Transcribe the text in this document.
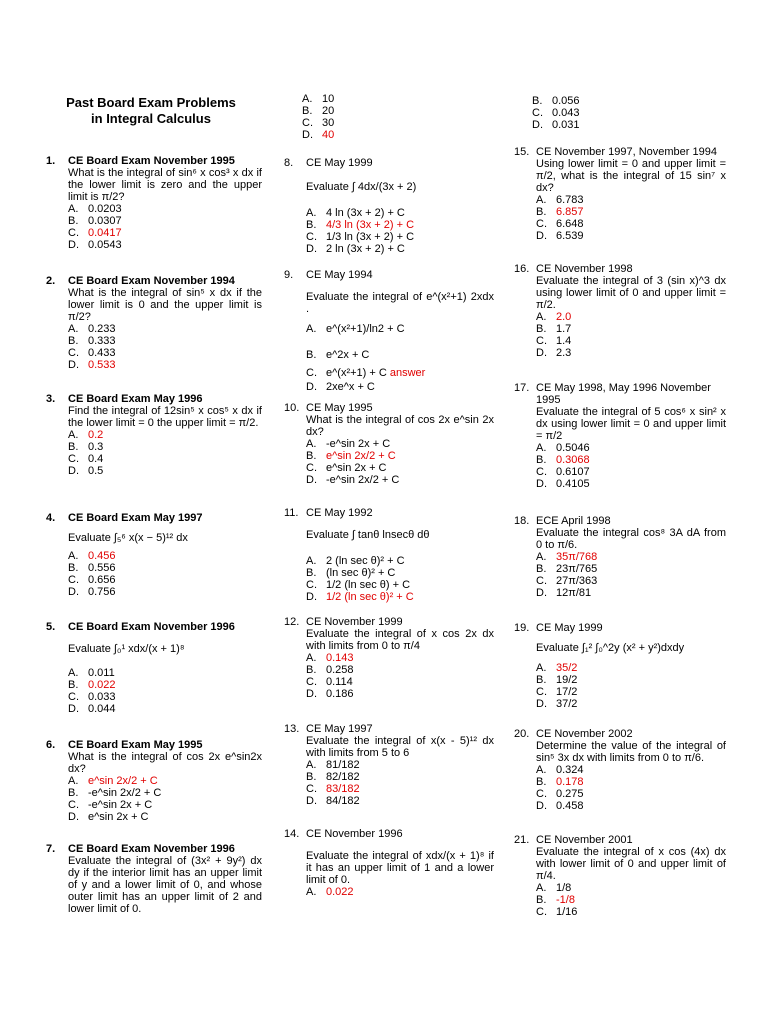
Past Board Exam Problems
in Integral Calculus
1. CE Board Exam November 1995
What is the integral of sin⁶ x cos³ x dx if the lower limit is zero and the upper limit is π/2?
A. 0.0203
B. 0.0307
C. 0.0417
D. 0.0543
2. CE Board Exam November 1994
What is the integral of sin⁵ x dx if the lower limit is 0 and the upper limit is π/2?
A. 0.233
B. 0.333
C. 0.433
D. 0.533
3. CE Board Exam May 1996
Find the integral of 12sin⁵ x cos⁵ x dx if the lower limit = 0 the upper limit = π/2.
A. 0.2
B. 0.3
C. 0.4
D. 0.5
4. CE Board Exam May 1997
Evaluate ∫₅⁶ x(x − 5)¹² dx
A. 0.456
B. 0.556
C. 0.656
D. 0.756
5. CE Board Exam November 1996
Evaluate ∫₀¹ xdx/(x + 1)⁸
A. 0.011
B. 0.022
C. 0.033
D. 0.044
6. CE Board Exam May 1995
What is the integral of cos 2x e^sin2x dx?
A. e^sin 2x/2 + C
B. -e^sin 2x/2 + C
C. -e^sin 2x + C
D. e^sin 2x + C
7. CE Board Exam November 1996
Evaluate the integral of (3x² + 9y²) dx dy if the interior limit has an upper limit of y and a lower limit of 0, and whose outer limit has an upper limit of 2 and lower limit of 0.
A. 10
B. 20
C. 30
D. 40
8. CE May 1999
Evaluate ∫ 4dx/(3x + 2)
A. 4 ln (3x + 2) + C
B. 4/3 ln (3x + 2) + C
C. 1/3 ln (3x + 2) + C
D. 2 ln (3x + 2) + C
9. CE May 1994
Evaluate the integral of e^(x²+1) 2xdx .
A. e^(x²+1)/ln2 + C
B. e^2x + C
C. e^(x²+1) + C answer
D. 2xe^x + C
10. CE May 1995
What is the integral of cos 2x e^sin 2x dx?
A. -e^sin 2x + C
B. e^sin 2x/2 + C
C. e^sin 2x + C
D. -e^sin 2x/2 + C
11. CE May 1992
Evaluate ∫ tanθ lnsecθ dθ
A. 2 (ln sec θ)² + C
B. (ln sec θ)² + C
C. 1/2 (ln sec θ) + C
D. 1/2 (ln sec θ)² + C
12. CE November 1999
Evaluate the integral of x cos 2x dx with limits from 0 to π/4
A. 0.143
B. 0.258
C. 0.114
D. 0.186
13. CE May 1997
Evaluate the integral of x(x - 5)¹² dx with limits from 5 to 6
A. 81/182
B. 82/182
C. 83/182
D. 84/182
14. CE November 1996
Evaluate the integral of xdx/(x + 1)⁸ if it has an upper limit of 1 and a lower limit of 0.
A. 0.022
B. 0.056
C. 0.043
D. 0.031
15. CE November 1997, November 1994
Using lower limit = 0 and upper limit = π/2, what is the integral of 15 sin⁷ x dx?
A. 6.783
B. 6.857
C. 6.648
D. 6.539
16. CE November 1998
Evaluate the integral of 3 (sin x)^3 dx using lower limit of 0 and upper limit = π/2.
A. 2.0
B. 1.7
C. 1.4
D. 2.3
17. CE May 1998, May 1996 November 1995
Evaluate the integral of 5 cos⁶ x sin² x dx using lower limit = 0 and upper limit = π/2
A. 0.5046
B. 0.3068
C. 0.6107
D. 0.4105
18. ECE April 1998
Evaluate the integral cos⁸ 3A dA from 0 to π/6.
A. 35π/768
B. 23π/765
C. 27π/363
D. 12π/81
19. CE May 1999
Evaluate ∫₁² ∫₀^2y (x² + y²)dxdy
A. 35/2
B. 19/2
C. 17/2
D. 37/2
20. CE November 2002
Determine the value of the integral of sin⁵ 3x dx with limits from 0 to π/6.
A. 0.324
B. 0.178
C. 0.275
D. 0.458
21. CE November 2001
Evaluate the integral of x cos (4x) dx with lower limit of 0 and upper limit of π/4.
A. 1/8
B. -1/8
C. 1/16
